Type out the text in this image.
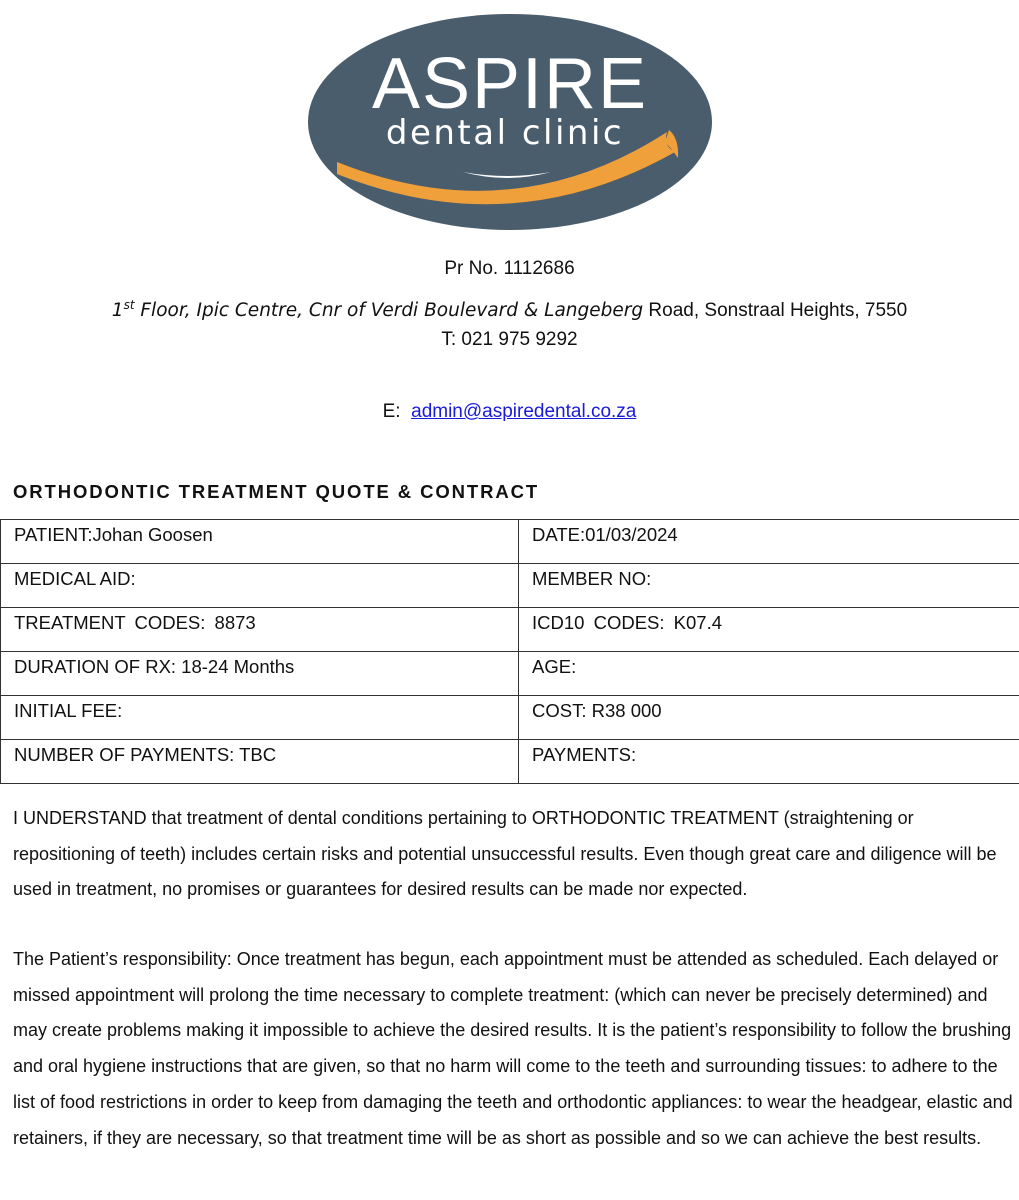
ASPIRE
dental clinic
Pr No. 1112686
1st Floor, Ipic Centre, Cnr of Verdi Boulevard & Langeberg Road, Sonstraal Heights, 7550
T: 021 975 9292
E: admin@aspiredental.co.za
ORTHODONTIC TREATMENT QUOTE & CONTRACT
PATIENT:Johan Goosen	DATE:01/03/2024
MEDICAL AID:	MEMBER NO:
TREATMENT CODES: 8873	ICD10 CODES: K07.4
DURATION OF RX: 18-24 Months	AGE:
INITIAL FEE:	COST: R38 000
NUMBER OF PAYMENTS: TBC	PAYMENTS:

I UNDERSTAND that treatment of dental conditions pertaining to ORTHODONTIC TREATMENT (straightening or repositioning of teeth) includes certain risks and potential unsuccessful results. Even though great care and diligence will be used in treatment, no promises or guarantees for desired results can be made nor expected.

The Patient’s responsibility: Once treatment has begun, each appointment must be attended as scheduled. Each delayed or missed appointment will prolong the time necessary to complete treatment: (which can never be precisely determined) and may create problems making it impossible to achieve the desired results. It is the patient’s responsibility to follow the brushing and oral hygiene instructions that are given, so that no harm will come to the teeth and surrounding tissues: to adhere to the list of food restrictions in order to keep from damaging the teeth and orthodontic appliances: to wear the headgear, elastic and retainers, if they are necessary, so that treatment time will be as short as possible and so we can achieve the best results.
